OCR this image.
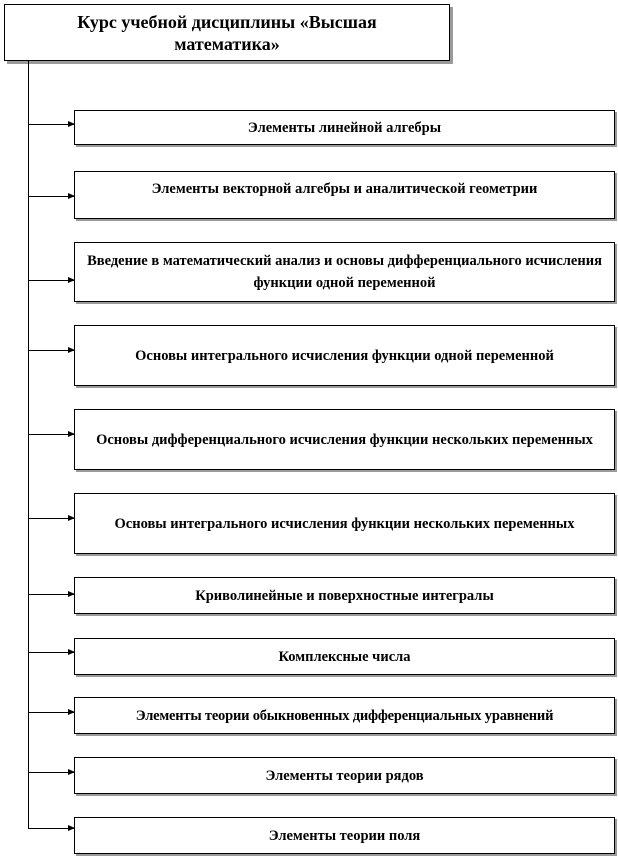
Курс учебной дисциплины «Высшая математика»
Элементы линейной алгебры
Элементы векторной алгебры и аналитической геометрии
Введение в математический анализ и основы дифференциального исчисления функции одной переменной
Основы интегрального исчисления функции одной переменной
Основы дифференциального исчисления функции нескольких переменных
Основы интегрального исчисления функции нескольких переменных
Криволинейные и поверхностные интегралы
Комплексные числа
Элементы теории обыкновенных дифференциальных уравнений
Элементы теории рядов
Элементы теории поля
